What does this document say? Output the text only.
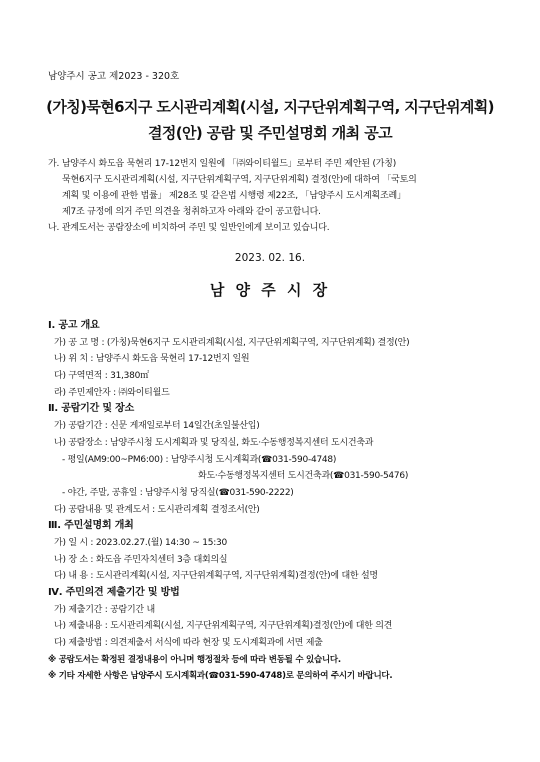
남양주시 공고 제2023 - 320호
(가칭)묵현6지구 도시관리계획(시설, 지구단위계획구역, 지구단위계획)
결정(안) 공람 및 주민설명회 개최 공고
가. 남양주시 화도읍 묵현리 17-12번지 일원에 「㈜와이티월드」로부터 주민 제안된 (가칭)
묵현6지구 도시관리계획(시설, 지구단위계획구역, 지구단위계획) 결정(안)에 대하여 「국토의
계획 및 이용에 관한 법률」 제28조 및 같은법 시행령 제22조, 「남양주시 도시계획조례」
제7조 규정에 의거 주민 의견을 청취하고자 아래와 같이 공고합니다.
나. 관계도서는 공람장소에 비치하여 주민 및 일반인에게 보이고 있습니다.
2023. 02. 16.
남 양 주 시 장
Ⅰ. 공고 개요
가) 공 고 명 : (가칭)묵현6지구 도시관리계획(시설, 지구단위계획구역, 지구단위계획) 결정(안)
나) 위 치 : 남양주시 화도읍 묵현리 17-12번지 일원
다) 구역면적 : 31,380㎡
라) 주민제안자 : ㈜와이티월드
Ⅱ. 공람기간 및 장소
가) 공람기간 : 신문 게재일로부터 14일간(초일불산입)
나) 공람장소 : 남양주시청 도시계획과 및 당직실, 화도·수동행정복지센터 도시건축과
- 평일(AM9:00~PM6:00) : 남양주시청 도시계획과(☎031-590-4748)
화도·수동행정복지센터 도시건축과(☎031-590-5476)
- 야간, 주말, 공휴일 : 남양주시청 당직실(☎031-590-2222)
다) 공람내용 및 관계도서 : 도시관리계획 결정조서(안)
Ⅲ. 주민설명회 개최
가) 일 시 : 2023.02.27.(월) 14:30 ~ 15:30
나) 장 소 : 화도읍 주민자치센터 3층 대회의실
다) 내 용 : 도시관리계획(시설, 지구단위계획구역, 지구단위계획)결정(안)에 대한 설명
Ⅳ. 주민의견 제출기간 및 방법
가) 제출기간 : 공람기간 내
나) 제출내용 : 도시관리계획(시설, 지구단위계획구역, 지구단위계획)결정(안)에 대한 의견
다) 제출방법 : 의견제출서 서식에 따라 현장 및 도시계획과에 서면 제출
※ 공람도서는 확정된 결정내용이 아니며 행정절차 등에 따라 변동될 수 있습니다.
※ 기타 자세한 사항은 남양주시 도시계획과(☎031-590-4748)로 문의하여 주시기 바랍니다.
